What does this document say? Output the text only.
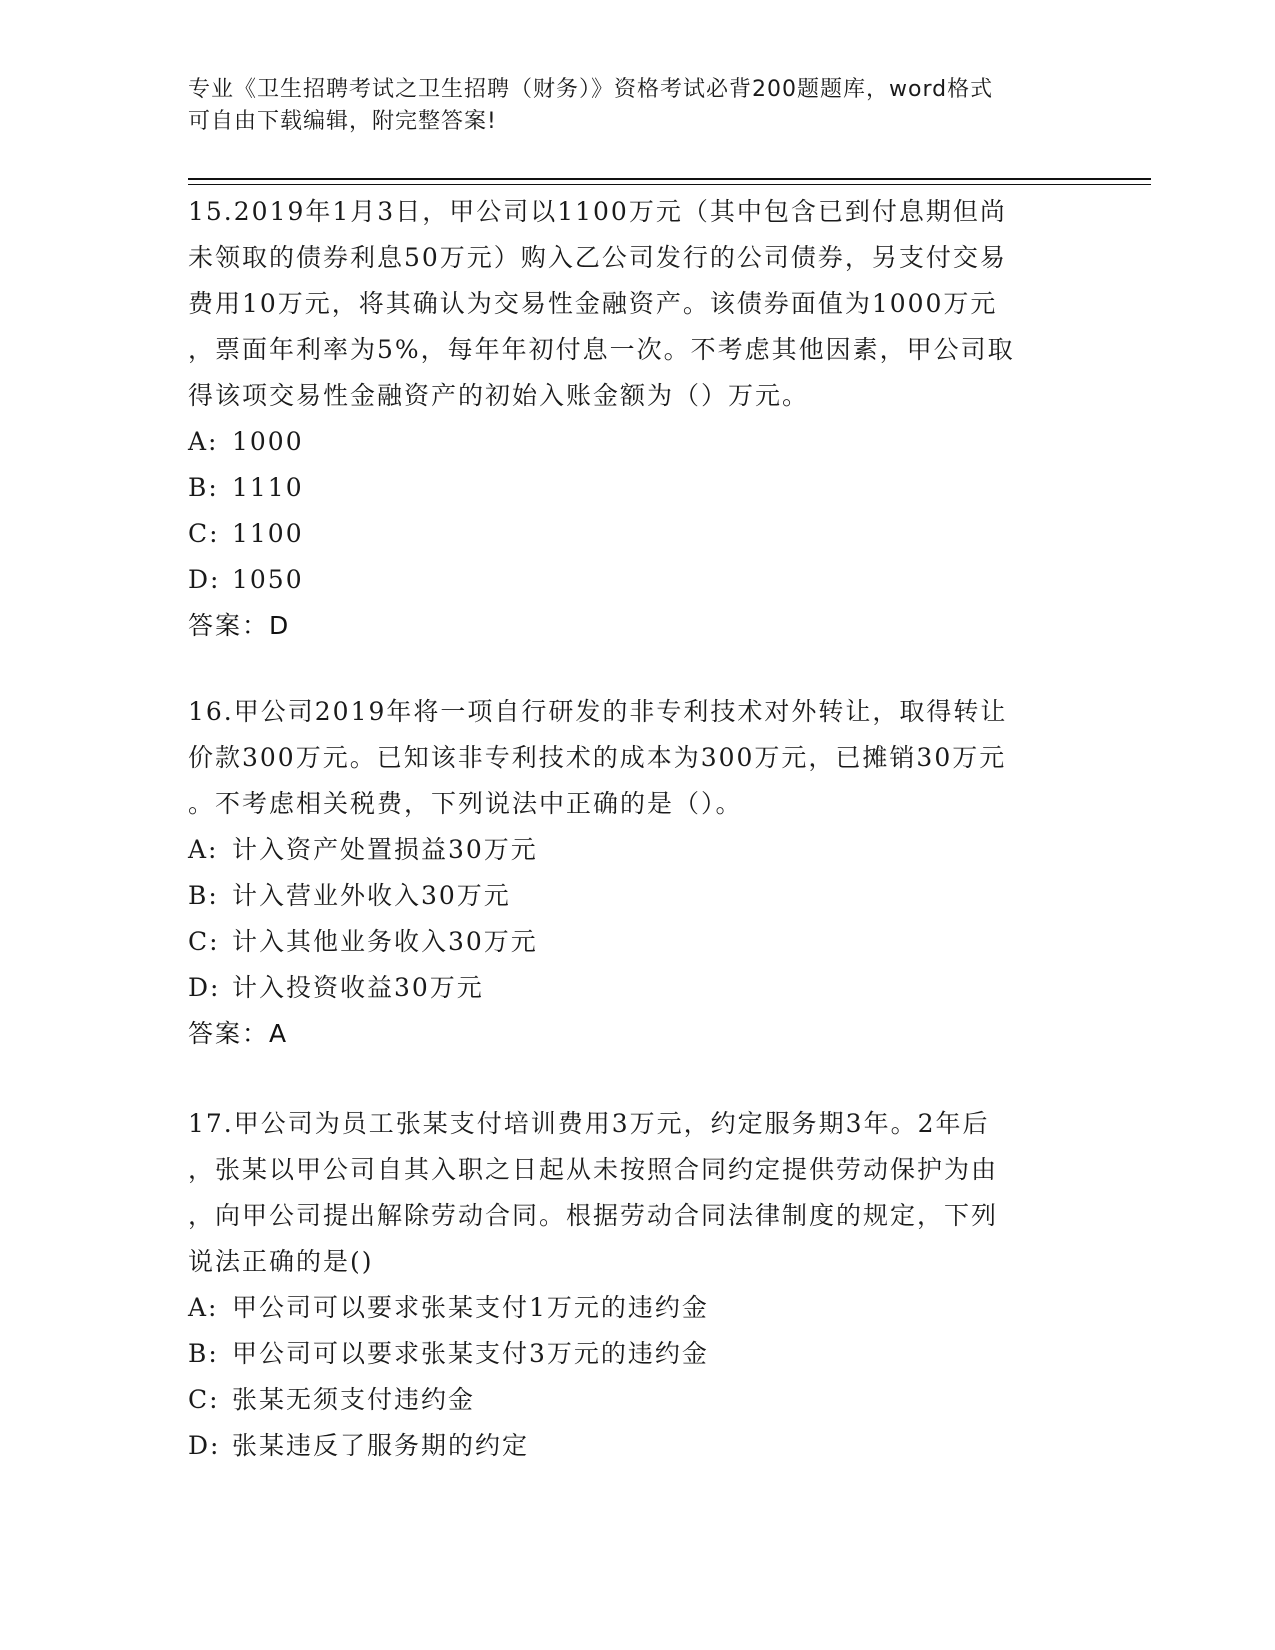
专业《卫生招聘考试之卫生招聘（财务）》资格考试必背200题题库，word格式
可自由下载编辑，附完整答案!

15.2019年1月3日，甲公司以1100万元（其中包含已到付息期但尚
未领取的债券利息50万元）购入乙公司发行的公司债券，另支付交易
费用10万元，将其确认为交易性金融资产。该债券面值为1000万元
，票面年利率为5%，每年年初付息一次。不考虑其他因素，甲公司取
得该项交易性金融资产的初始入账金额为（）万元。

A: 1000

B: 1110

C: 1100

D: 1050

答案：D

16.甲公司2019年将一项自行研发的非专利技术对外转让，取得转让
价款300万元。已知该非专利技术的成本为300万元，已摊销30万元
。不考虑相关税费，下列说法中正确的是（）。

A: 计入资产处置损益30万元

B: 计入营业外收入30万元

C: 计入其他业务收入30万元

D: 计入投资收益30万元

答案：A

17.甲公司为员工张某支付培训费用3万元，约定服务期3年。2年后
，张某以甲公司自其入职之日起从未按照合同约定提供劳动保护为由
，向甲公司提出解除劳动合同。根据劳动合同法律制度的规定，下列
说法正确的是()

A: 甲公司可以要求张某支付1万元的违约金

B: 甲公司可以要求张某支付3万元的违约金

C: 张某无须支付违约金

D: 张某违反了服务期的约定
